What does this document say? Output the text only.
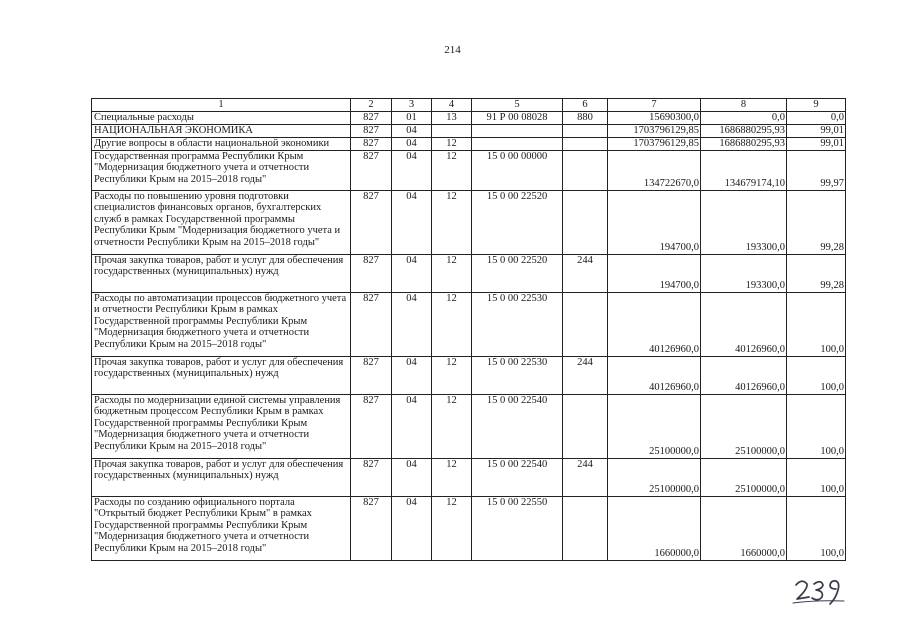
214
1	2	3	4	5	6	7	8	9
Специальные расходы	827	01	13	91 Р 00 08028	880	15690300,0	0,0	0,0
НАЦИОНАЛЬНАЯ ЭКОНОМИКА	827	04				1703796129,85	1686880295,93	99,01
Другие вопросы в области национальной экономики	827	04	12			1703796129,85	1686880295,93	99,01
Государственная программа Республики Крым "Модернизация бюджетного учета и отчетности Республики Крым на 2015–2018 годы"	827	04	12	15 0 00 00000		134722670,0	134679174,10	99,97
Расходы по повышению уровня подготовки специалистов финансовых органов, бухгалтерских служб в рамках Государственной программы Республики Крым "Модернизация бюджетного учета и отчетности Республики Крым на 2015–2018 годы"	827	04	12	15 0 00 22520		194700,0	193300,0	99,28
Прочая закупка товаров, работ и услуг для обеспечения государственных (муниципальных) нужд	827	04	12	15 0 00 22520	244	194700,0	193300,0	99,28
Расходы по автоматизации процессов бюджетного учета и отчетности Республики Крым в рамках Государственной программы Республики Крым "Модернизация бюджетного учета и отчетности Республики Крым на 2015–2018 годы"	827	04	12	15 0 00 22530		40126960,0	40126960,0	100,0
Прочая закупка товаров, работ и услуг для обеспечения государственных (муниципальных) нужд	827	04	12	15 0 00 22530	244	40126960,0	40126960,0	100,0
Расходы по модернизации единой системы управления бюджетным процессом Республики Крым в рамках Государственной программы Республики Крым "Модернизация бюджетного учета и отчетности Республики Крым на 2015–2018 годы"	827	04	12	15 0 00 22540		25100000,0	25100000,0	100,0
Прочая закупка товаров, работ и услуг для обеспечения государственных (муниципальных) нужд	827	04	12	15 0 00 22540	244	25100000,0	25100000,0	100,0
Расходы по созданию официального портала "Открытый бюджет Республики Крым" в рамках Государственной программы Республики Крым "Модернизация бюджетного учета и отчетности Республики Крым на 2015–2018 годы"	827	04	12	15 0 00 22550		1660000,0	1660000,0	100,0
